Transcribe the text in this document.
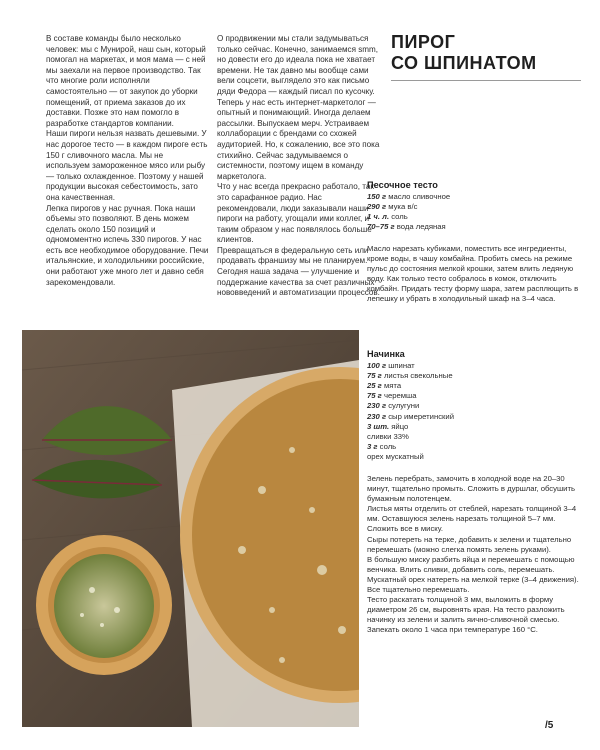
В составе команды было несколько человек: мы с Мунирой, наш сын, который помогал на маркетах, и моя мама — с ней мы заехали на первое производство. Так что многие роли исполняли самостоятельно — от закупок до уборки помещений, от приема заказов до их доставки. Позже это нам помогло в разработке стандартов компании.
Наши пироги нельзя назвать дешевыми. У нас дорогое тесто — в каждом пироге есть 150 г сливочного масла. Мы не используем замороженное мясо или рыбу — только охлажденное. Поэтому у нашей продукции высокая себестоимость, зато она качественная.
Лепка пирогов у нас ручная. Пока наши объемы это позволяют. В день можем сделать около 150 позиций и одномоментно испечь 330 пирогов. У нас есть все необходимое оборудование. Печи итальянские, и холодильники российские, они работают уже много лет и давно себя зарекомендовали.

О продвижении мы стали задумываться только сейчас. Конечно, занимаемся smm, но довести его до идеала пока не хватает времени. Не так давно мы вообще сами вели соцсети, выглядело это как письмо дяди Федора — каждый писал по кусочку. Теперь у нас есть интернет-маркетолог — опытный и понимающий. Иногда делаем рассылки. Выпускаем мерч. Устраиваем коллаборации с брендами со схожей аудиторией. Но, к сожалению, все это пока стихийно. Сейчас задумываемся о системности, поэтому ищем в команду маркетолога.
Что у нас всегда прекрасно работало, так это сарафанное радио. Нас рекомендовали, люди заказывали наши пироги на работу, угощали ими коллег, и таким образом у нас появлялось больше клиентов.
Превращаться в федеральную сеть или продавать франшизу мы не планируем. Сегодня наша задача — улучшение и поддержание качества за счет различных нововведений и автоматизации процессов.

ПИРОГ
СО ШПИНАТОМ
Песочное тесто
150 г масло сливочное
290 г мука в/с
1 ч. л. соль
70–75 г вода ледяная
Масло нарезать кубиками, поместить все ингредиенты, кроме воды, в чашу комбайна. Пробить смесь на режиме пульс до состояния мелкой крошки, затем влить ледяную воду. Как только тесто собралось в комок, отключить комбайн. Придать тесту форму шара, затем расплющить в лепешку и убрать в холодильный шкаф на 3–4 часа.
Начинка
100 г шпинат
75 г листья свекольные
25 г мята
75 г черемша
230 г сулугуни
230 г сыр имеретинский
3 шт. яйцо
сливки 33%
3 г соль
орех мускатный
Зелень перебрать, замочить в холодной воде на 20–30 минут, тщательно промыть. Сложить в дуршлаг, обсушить бумажным полотенцем.
Листья мяты отделить от стеблей, нарезать толщиной 3–4 мм. Оставшуюся зелень нарезать толщиной 5–7 мм. Сложить все в миску.
Сыры потереть на терке, добавить к зелени и тщательно перемешать (можно слегка помять зелень руками).
В большую миску разбить яйца и перемешать с помощью венчика. Влить сливки, добавить соль, перемешать. Мускатный орех натереть на мелкой терке (3–4 движения). Все тщательно перемешать.
Тесто раскатать толщиной 3 мм, выложить в форму диаметром 26 см, выровнять края. На тесто разложить начинку из зелени и залить яично-сливочной смесью.
Запекать около 1 часа при температуре 160 °С.
/5
